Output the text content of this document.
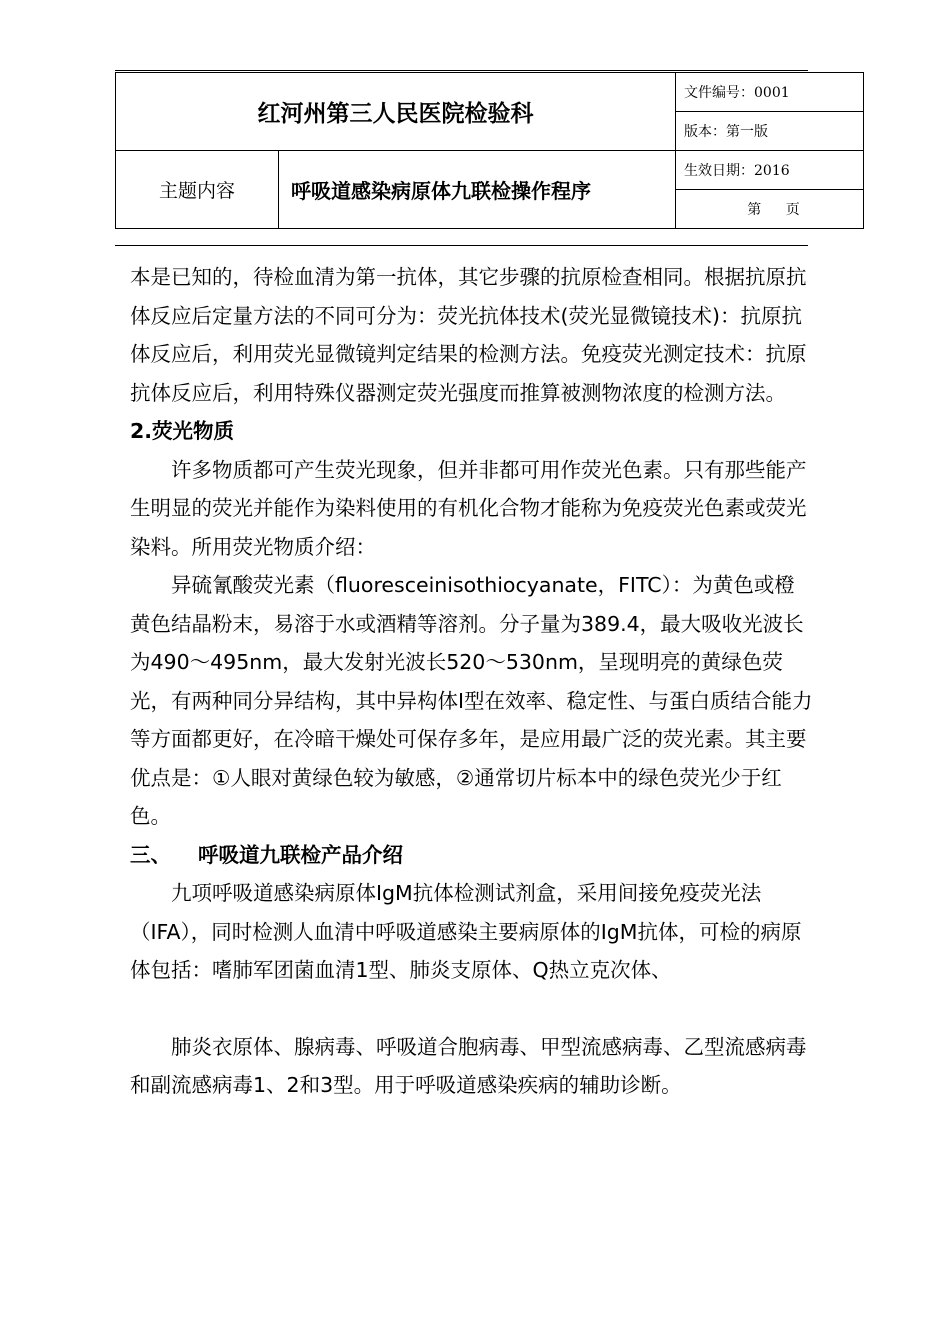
红河州第三人民医院检验科		文件编号：0001
		版本：第一版
主题内容	呼吸道感染病原体九联检操作程序	生效日期：2016
		第 页

本是已知的，待检血清为第一抗体，其它步骤的抗原检查相同。根据抗原抗体反应后定量方法的不同可分为：荧光抗体技术(荧光显微镜技术)：抗原抗体反应后，利用荧光显微镜判定结果的检测方法。免疫荧光测定技术：抗原抗体反应后，利用特殊仪器测定荧光强度而推算被测物浓度的检测方法。

2.荧光物质

许多物质都可产生荧光现象，但并非都可用作荧光色素。只有那些能产生明显的荧光并能作为染料使用的有机化合物才能称为免疫荧光色素或荧光染料。所用荧光物质介绍：

异硫氰酸荧光素（fluoresceinisothiocyanate，FITC）：为黄色或橙黄色结晶粉末，易溶于水或酒精等溶剂。分子量为389.4，最大吸收光波长为490～495nm，最大发射光波长520～530nm，呈现明亮的黄绿色荧光，有两种同分异结构，其中异构体Ⅰ型在效率、稳定性、与蛋白质结合能力等方面都更好，在冷暗干燥处可保存多年，是应用最广泛的荧光素。其主要优点是：①人眼对黄绿色较为敏感，②通常切片标本中的绿色荧光少于红色。

三、 呼吸道九联检产品介绍

九项呼吸道感染病原体IgM抗体检测试剂盒，采用间接免疫荧光法（IFA），同时检测人血清中呼吸道感染主要病原体的IgM抗体，可检的病原体包括：嗜肺军团菌血清1型、肺炎支原体、Q热立克次体、

肺炎衣原体、腺病毒、呼吸道合胞病毒、甲型流感病毒、乙型流感病毒和副流感病毒1、2和3型。用于呼吸道感染疾病的辅助诊断。
